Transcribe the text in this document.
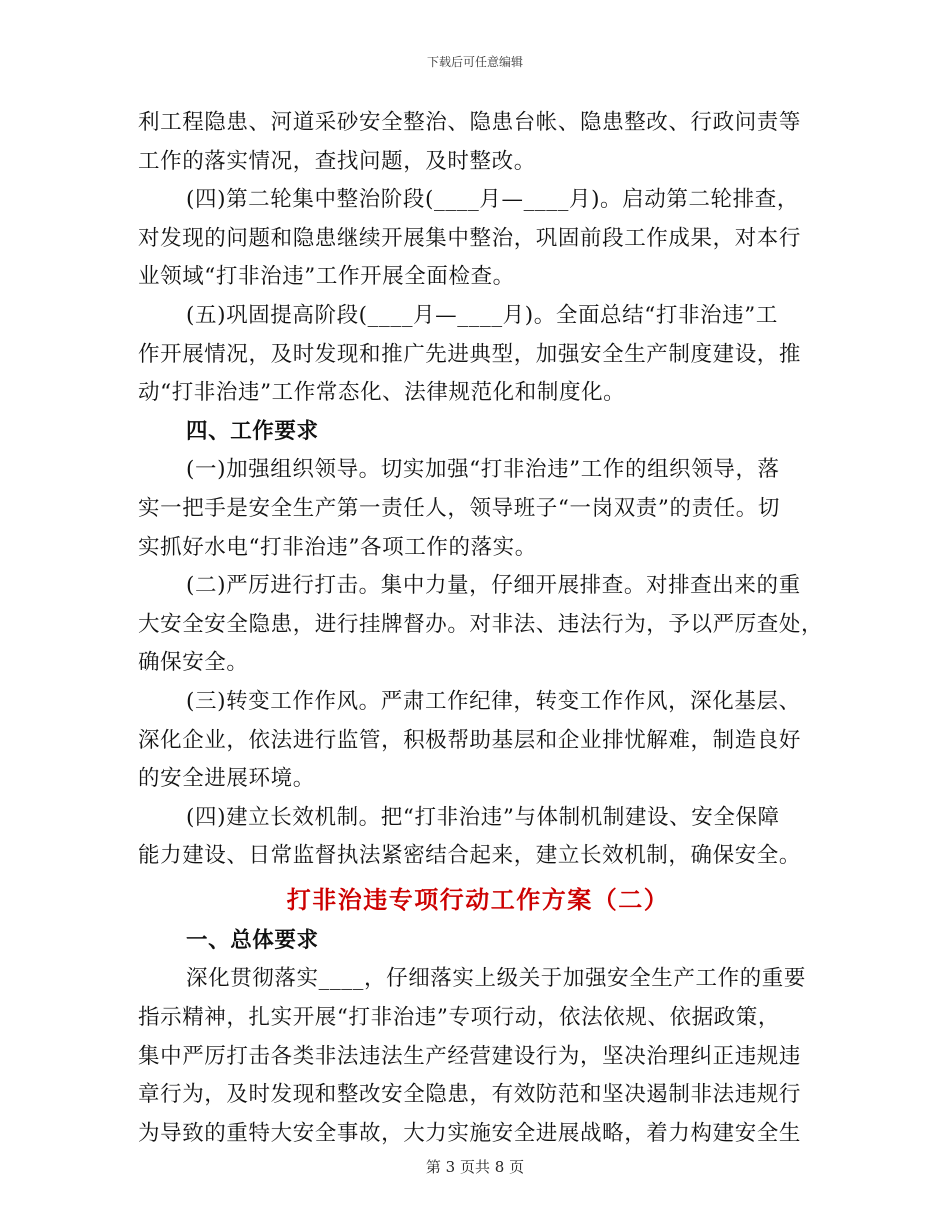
下载后可任意编辑
利工程隐患、河道采砂安全整治、隐患台帐、隐患整改、行政问责等
工作的落实情况，查找问题，及时整改。
(四)第二轮集中整治阶段(____月—____月)。启动第二轮排查，
对发现的问题和隐患继续开展集中整治，巩固前段工作成果，对本行
业领域“打非治违”工作开展全面检查。
(五)巩固提高阶段(____月—____月)。全面总结“打非治违”工
作开展情况，及时发现和推广先进典型，加强安全生产制度建设，推
动“打非治违”工作常态化、法律规范化和制度化。
四、工作要求
(一)加强组织领导。切实加强“打非治违”工作的组织领导，落
实一把手是安全生产第一责任人，领导班子“一岗双责”的责任。切
实抓好水电“打非治违”各项工作的落实。
(二)严厉进行打击。集中力量，仔细开展排查。对排查出来的重
大安全安全隐患，进行挂牌督办。对非法、违法行为，予以严厉查处，
确保安全。
(三)转变工作作风。严肃工作纪律，转变工作作风，深化基层、
深化企业，依法进行监管，积极帮助基层和企业排忧解难，制造良好
的安全进展环境。
(四)建立长效机制。把“打非治违”与体制机制建设、安全保障
能力建设、日常监督执法紧密结合起来，建立长效机制，确保安全。
打非治违专项行动工作方案（二）
一、总体要求
深化贯彻落实____，仔细落实上级关于加强安全生产工作的重要
指示精神，扎实开展“打非治违”专项行动，依法依规、依据政策，
集中严厉打击各类非法违法生产经营建设行为，坚决治理纠正违规违
章行为，及时发现和整改安全隐患，有效防范和坚决遏制非法违规行
为导致的重特大安全事故，大力实施安全进展战略，着力构建安全生
第 3 页共 8 页
